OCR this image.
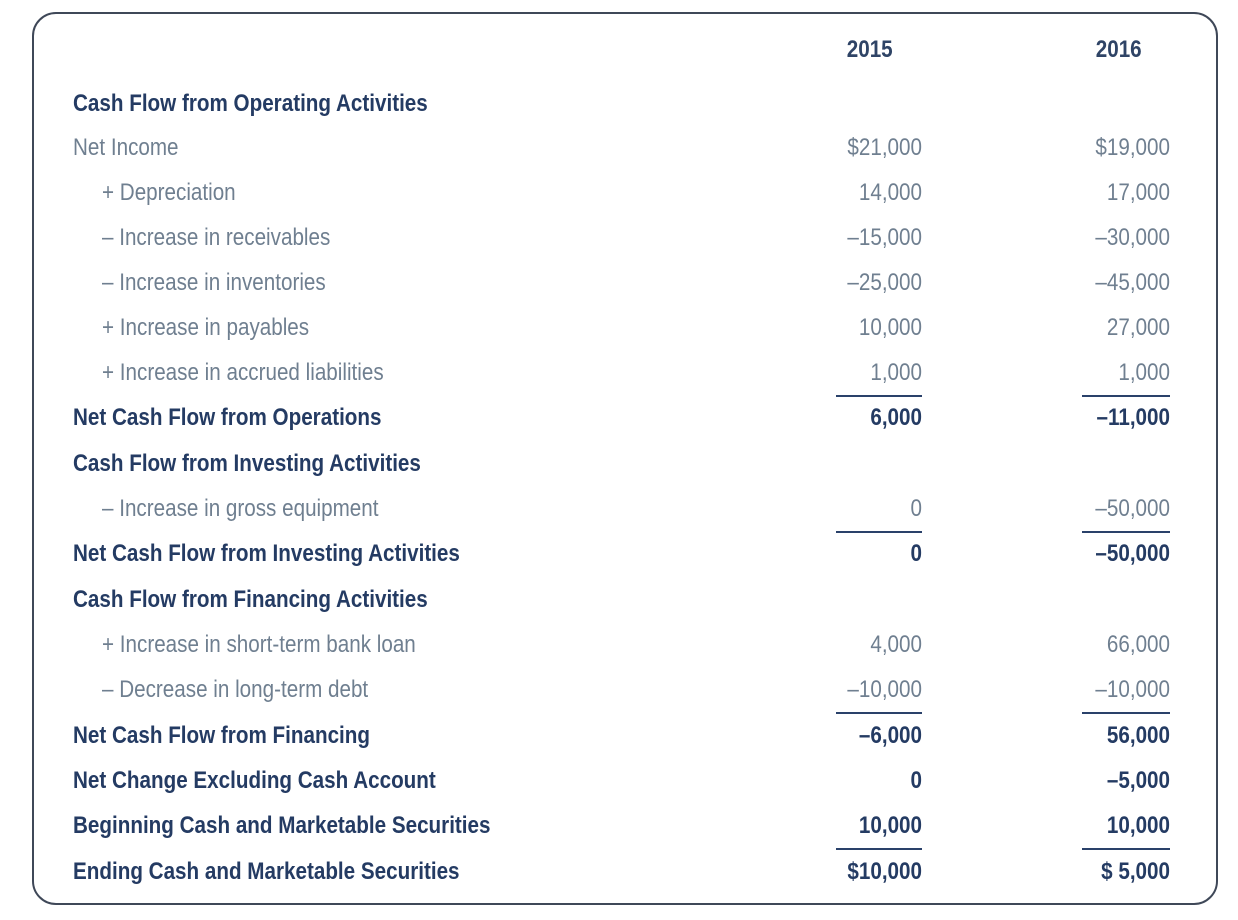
2015	2016
Cash Flow from Operating Activities
Net Income	$21,000	$19,000
+ Depreciation	14,000	17,000
– Increase in receivables	–15,000	–30,000
– Increase in inventories	–25,000	–45,000
+ Increase in payables	10,000	27,000
+ Increase in accrued liabilities	1,000	1,000
Net Cash Flow from Operations	6,000	–11,000
Cash Flow from Investing Activities
– Increase in gross equipment	0	–50,000
Net Cash Flow from Investing Activities	0	–50,000
Cash Flow from Financing Activities
+ Increase in short-term bank loan	4,000	66,000
– Decrease in long-term debt	–10,000	–10,000
Net Cash Flow from Financing	–6,000	56,000
Net Change Excluding Cash Account	0	–5,000
Beginning Cash and Marketable Securities	10,000	10,000
Ending Cash and Marketable Securities	$10,000	$ 5,000
